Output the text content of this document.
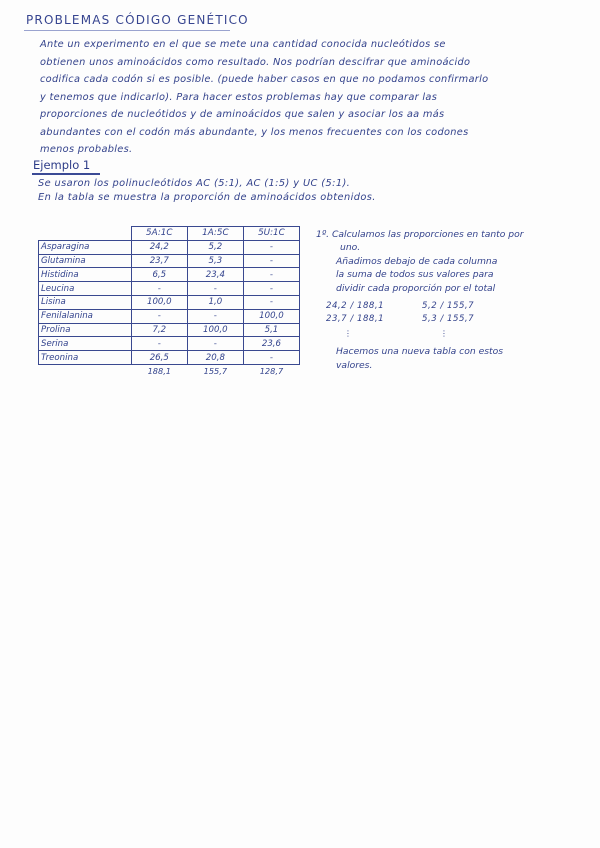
PROBLEMAS CÓDIGO GENÉTICO
Ante un experimento en el que se mete una cantidad conocida nucleótidos se
obtienen unos aminoácidos como resultado. Nos podrían descifrar que aminoácido
codifica cada codón si es posible. (puede haber casos en que no podamos confirmarlo
y tenemos que indicarlo). Para hacer estos problemas hay que comparar las
proporciones de nucleótidos y de aminoácidos que salen y asociar los aa más
abundantes con el codón más abundante, y los menos frecuentes con los codones
menos probables.
Ejemplo 1
Se usaron los polinucleótidos AC (5:1), AC (1:5) y UC (5:1).
En la tabla se muestra la proporción de aminoácidos obtenidos.
	5A:1C	1A:5C	5U:1C
Asparagina	24,2	5,2	-
Glutamina	23,7	5,3	-
Histidina	6,5	23,4	-
Leucina	-	-	-
Lisina	100,0	1,0	-
Fenilalanina	-	-	100,0
Prolina	7,2	100,0	5,1
Serina	-	-	23,6
Treonina	26,5	20,8	-
	188,1	155,7	128,7
1º. Calculamos las proporciones en tanto por
uno.
Añadimos debajo de cada columna
la suma de todos sus valores para
dividir cada proporción por el total
24,2 / 188,1	5,2 / 155,7
23,7 / 188,1	5,3 / 155,7
⋮	⋮
Hacemos una nueva tabla con estos
valores.
